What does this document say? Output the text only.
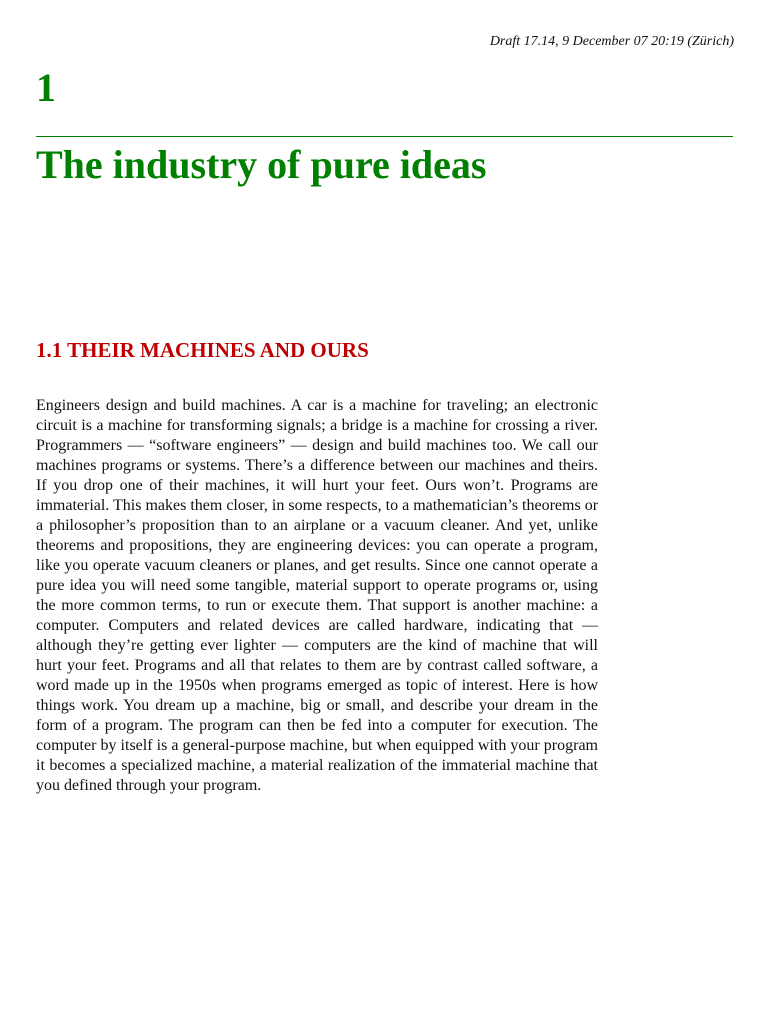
Draft 17.14, 9 December 07 20:19 (Zürich)
1
The industry of pure ideas
1.1 THEIR MACHINES AND OURS
Engineers design and build machines. A car is a machine for traveling; an electronic circuit is a machine for transforming signals; a bridge is a machine for crossing a river. Programmers — “software engineers” — design and build machines too. We call our machines programs or systems. There’s a difference between our machines and theirs. If you drop one of their machines, it will hurt your feet. Ours won’t. Programs are immaterial. This makes them closer, in some respects, to a mathematician’s theorems or a philosopher’s proposition than to an airplane or a vacuum cleaner. And yet, unlike theorems and propositions, they are engineering devices: you can operate a program, like you operate vacuum cleaners or planes, and get results. Since one cannot operate a pure idea you will need some tangible, material support to operate programs or, using the more common terms, to run or execute them. That support is another machine: a computer. Computers and related devices are called hardware, indicating that — although they’re getting ever lighter — computers are the kind of machine that will hurt your feet. Programs and all that relates to them are by contrast called software, a word made up in the 1950s when programs emerged as topic of interest. Here is how things work. You dream up a machine, big or small, and describe your dream in the form of a program. The program can then be fed into a computer for execution. The computer by itself is a general-purpose machine, but when equipped with your program it becomes a specialized machine, a material realization of the immaterial machine that you defined through your program.
